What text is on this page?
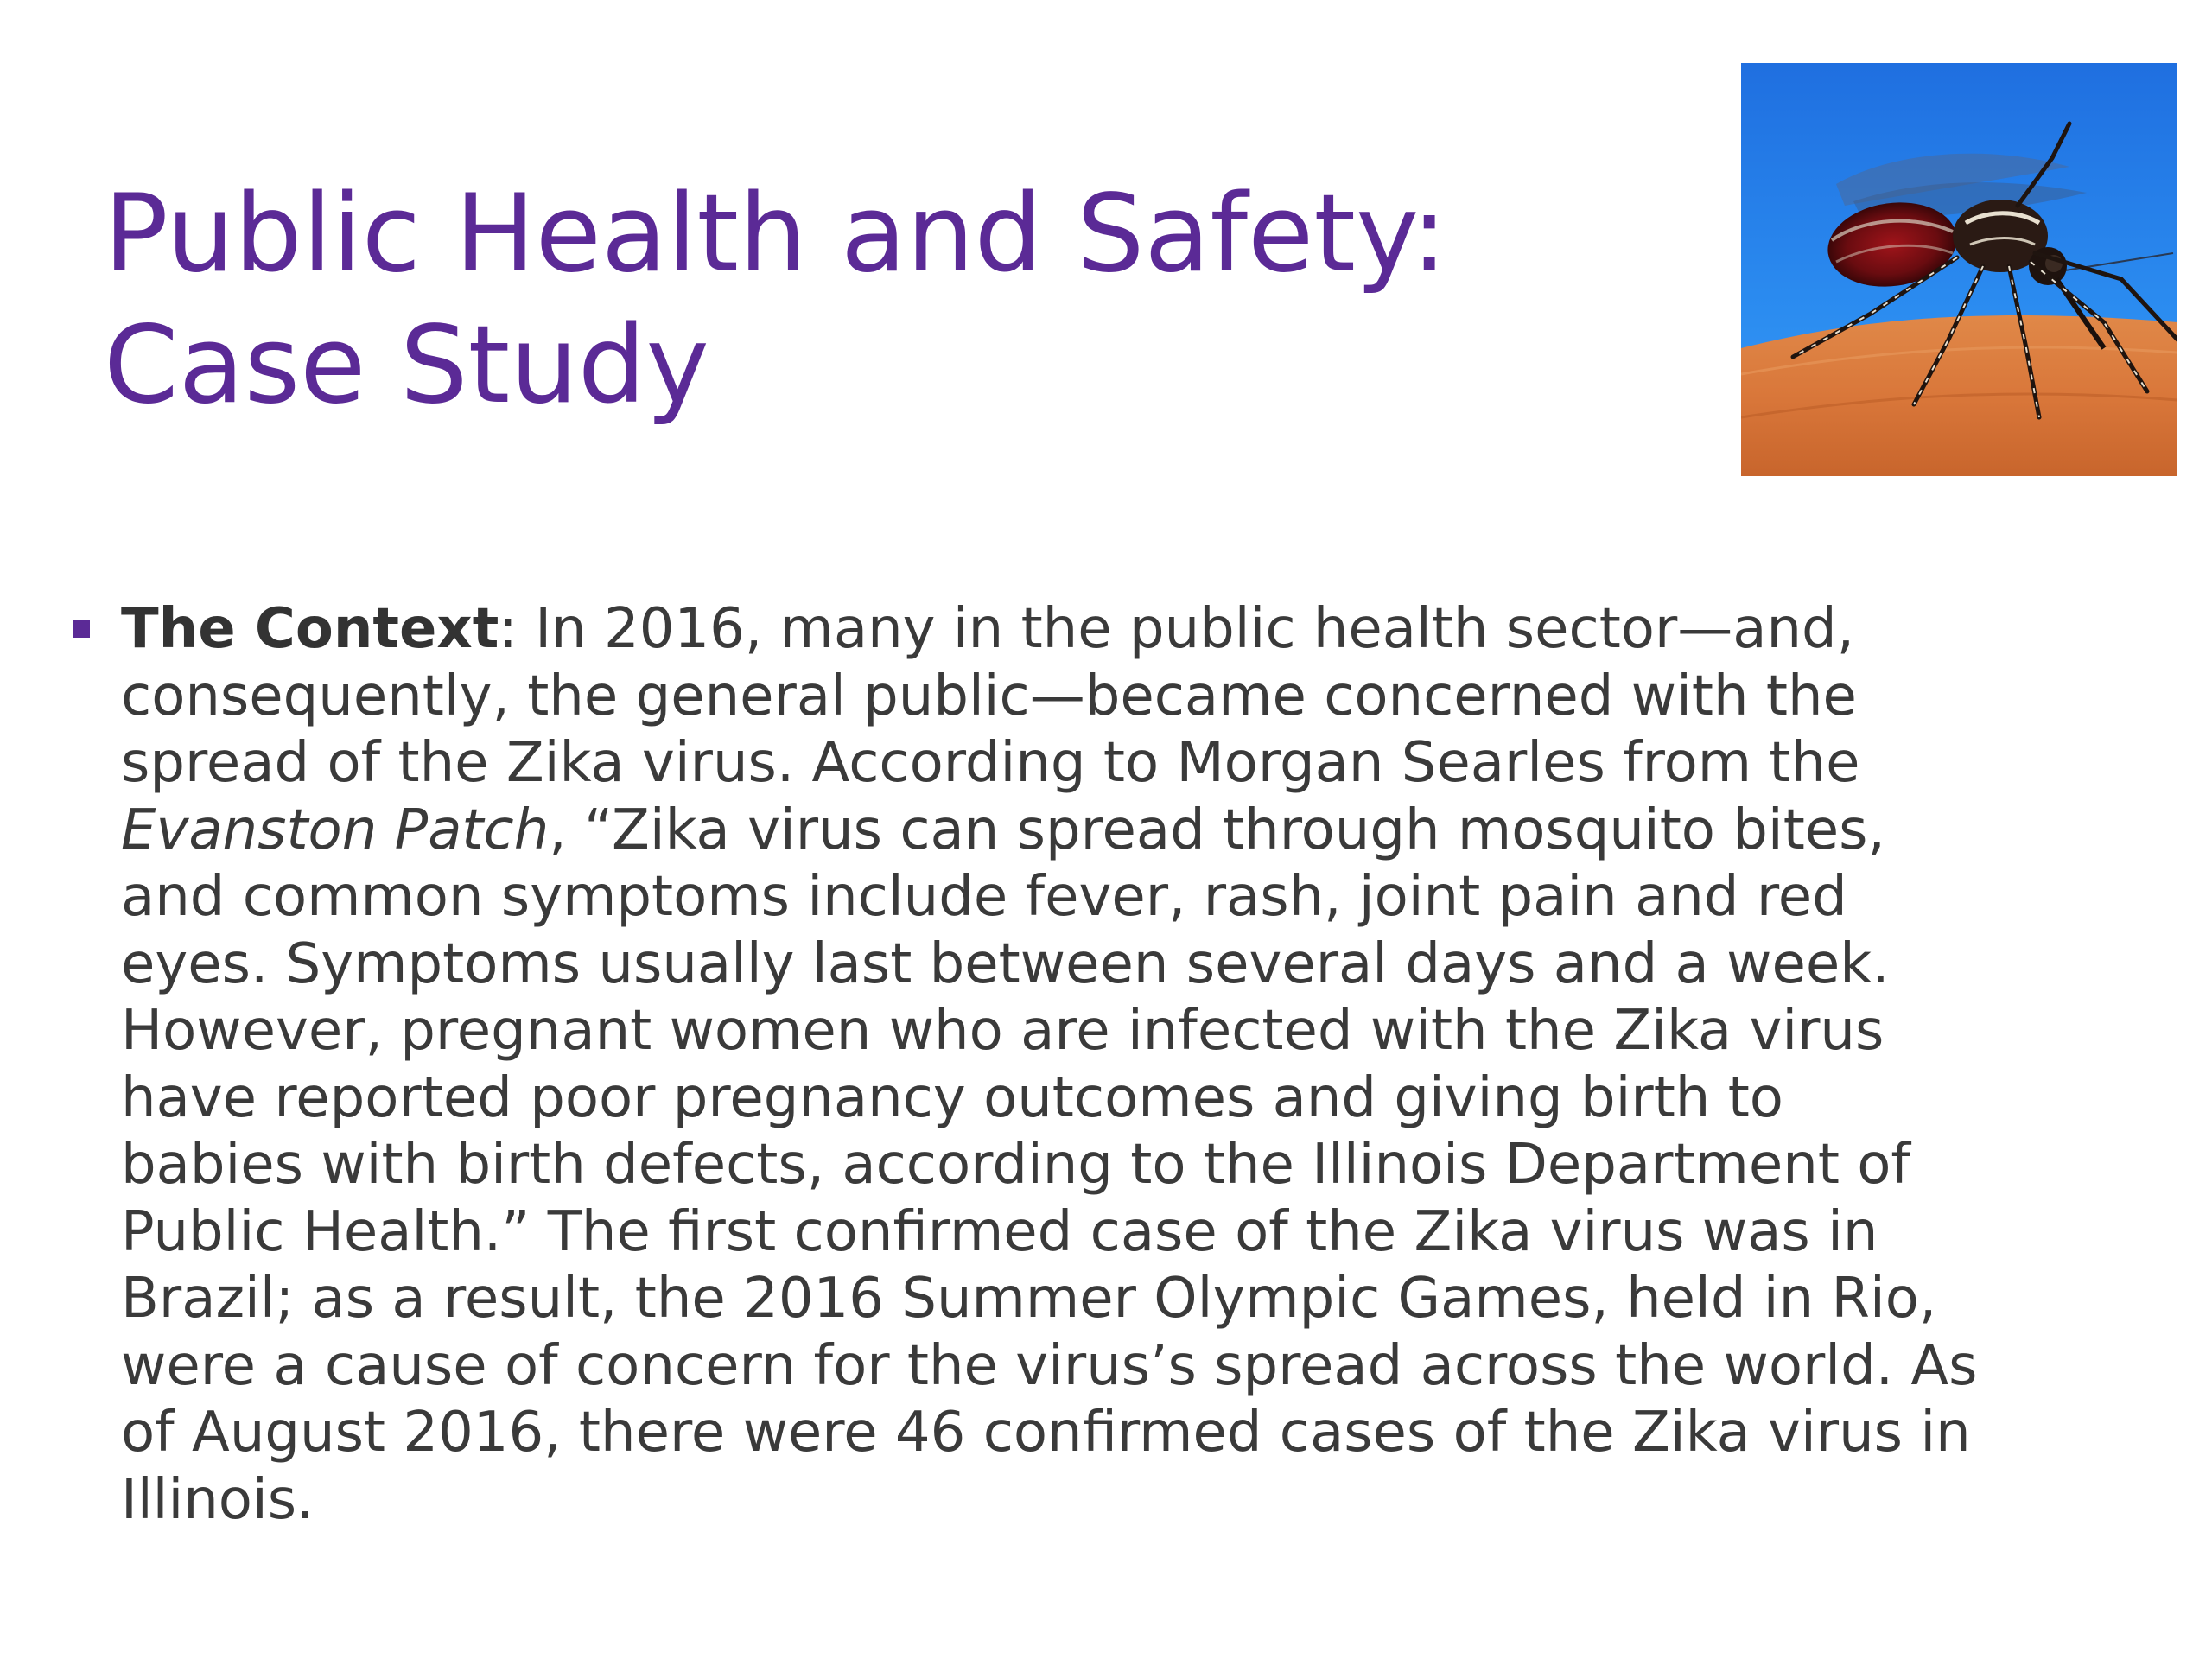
Public Health and Safety:
Case Study
The Context: In 2016, many in the public health sector—and,
consequently, the general public—became concerned with the
spread of the Zika virus. According to Morgan Searles from the
Evanston Patch, “Zika virus can spread through mosquito bites,
and common symptoms include fever, rash, joint pain and red
eyes. Symptoms usually last between several days and a week.
However, pregnant women who are infected with the Zika virus
have reported poor pregnancy outcomes and giving birth to
babies with birth defects, according to the Illinois Department of
Public Health.” The first confirmed case of the Zika virus was in
Brazil; as a result, the 2016 Summer Olympic Games, held in Rio,
were a cause of concern for the virus’s spread across the world. As
of August 2016, there were 46 confirmed cases of the Zika virus in
Illinois.
